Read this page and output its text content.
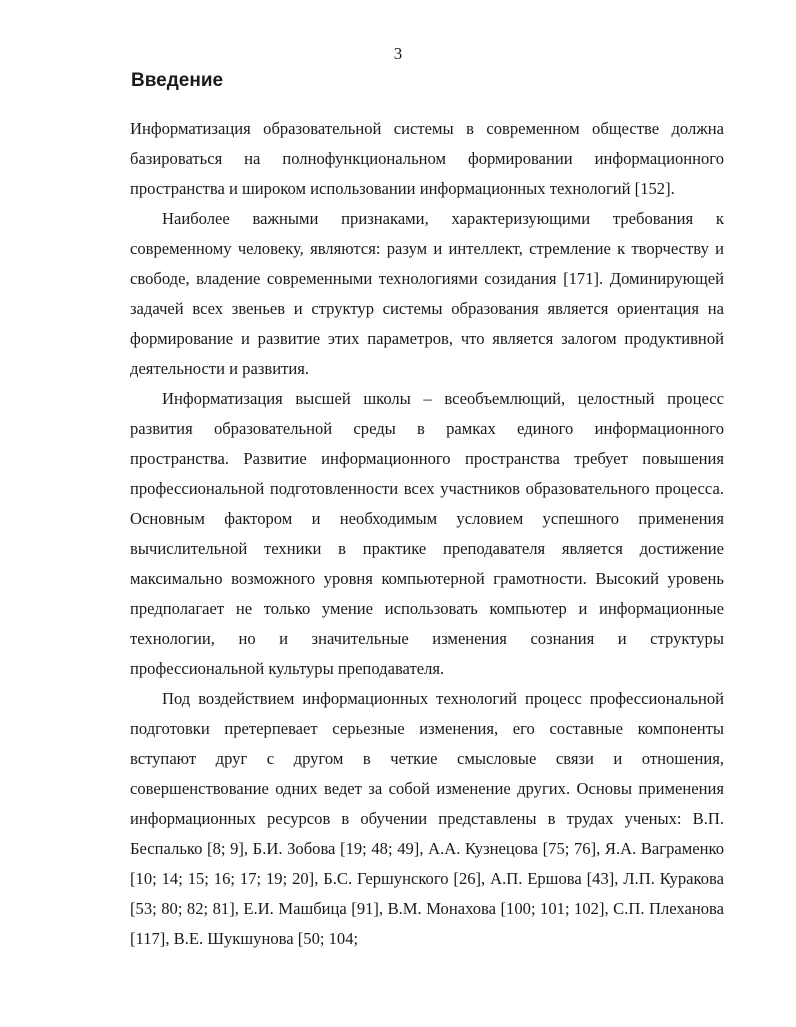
3
Введение

Информатизация образовательной системы в современном обществе должна базироваться на полнофункциональном формировании информационного пространства и широком использовании информационных технологий [152].

Наиболее важными признаками, характеризующими требования к современному человеку, являются: разум и интеллект, стремление к творчеству и свободе, владение современными технологиями созидания [171]. Доминирующей задачей всех звеньев и структур системы образования является ориентация на формирование и развитие этих параметров, что является залогом продуктивной деятельности и развития.

Информатизация высшей школы – всеобъемлющий, целостный процесс развития образовательной среды в рамках единого информационного пространства. Развитие информационного пространства требует повышения профессиональной подготовленности всех участников образовательного процесса. Основным фактором и необходимым условием успешного применения вычислительной техники в практике преподавателя является достижение максимально возможного уровня компьютерной грамотности. Высокий уровень предполагает не только умение использовать компьютер и информационные технологии, но и значительные изменения сознания и структуры профессиональной культуры преподавателя.

Под воздействием информационных технологий процесс профессиональной подготовки претерпевает серьезные изменения, его составные компоненты вступают друг с другом в четкие смысловые связи и отношения, совершенствование одних ведет за собой изменение других. Основы применения информационных ресурсов в обучении представлены в трудах ученых: В.П. Беспалько [8; 9], Б.И. Зобова [19; 48; 49], А.А. Кузнецова [75; 76], Я.А. Ваграменко [10; 14; 15; 16; 17; 19; 20], Б.С. Гершунского [26], А.П. Ершова [43], Л.П. Куракова [53; 80; 82; 81], Е.И. Машбица [91], В.М. Монахова [100; 101; 102], С.П. Плеханова [117], В.Е. Шукшунова [50; 104;
